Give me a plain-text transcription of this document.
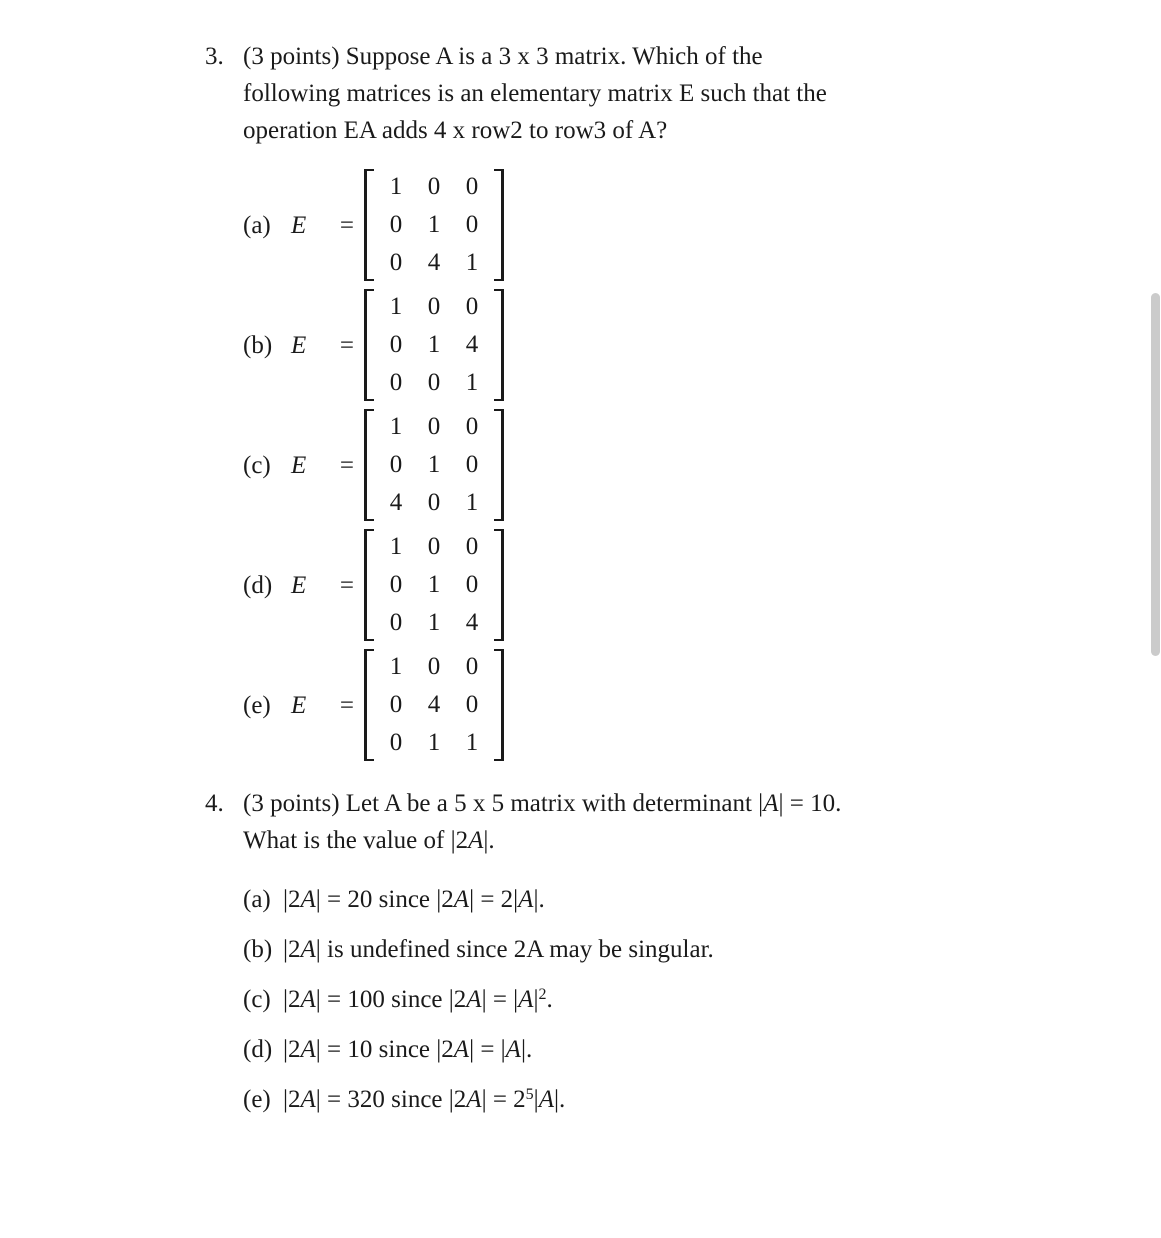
3. (3 points) Suppose A is a 3 x 3 matrix. Which of the
following matrices is an elementary matrix E such that the
operation EA adds 4 x row2 to row3 of A?
(a) E =
1	0	0
0	1	0
0	4	1
(b) E =
1	0	0
0	1	4
0	0	1
(c) E =
1	0	0
0	1	0
4	0	1
(d) E =
1	0	0
0	1	0
0	1	4
(e) E =
1	0	0
0	4	0
0	1	1
4. (3 points) Let A be a 5 x 5 matrix with determinant |A| = 10.
What is the value of |2A|.
(a) |2A| = 20 since |2A| = 2|A|.
(b) |2A| is undefined since 2A may be singular.
(c) |2A| = 100 since $|2A| = |A|^2$.
(d) |2A| = 10 since |2A| = |A|.
(e) |2A| = 320 since $|2A| = 2^5|A|$.
